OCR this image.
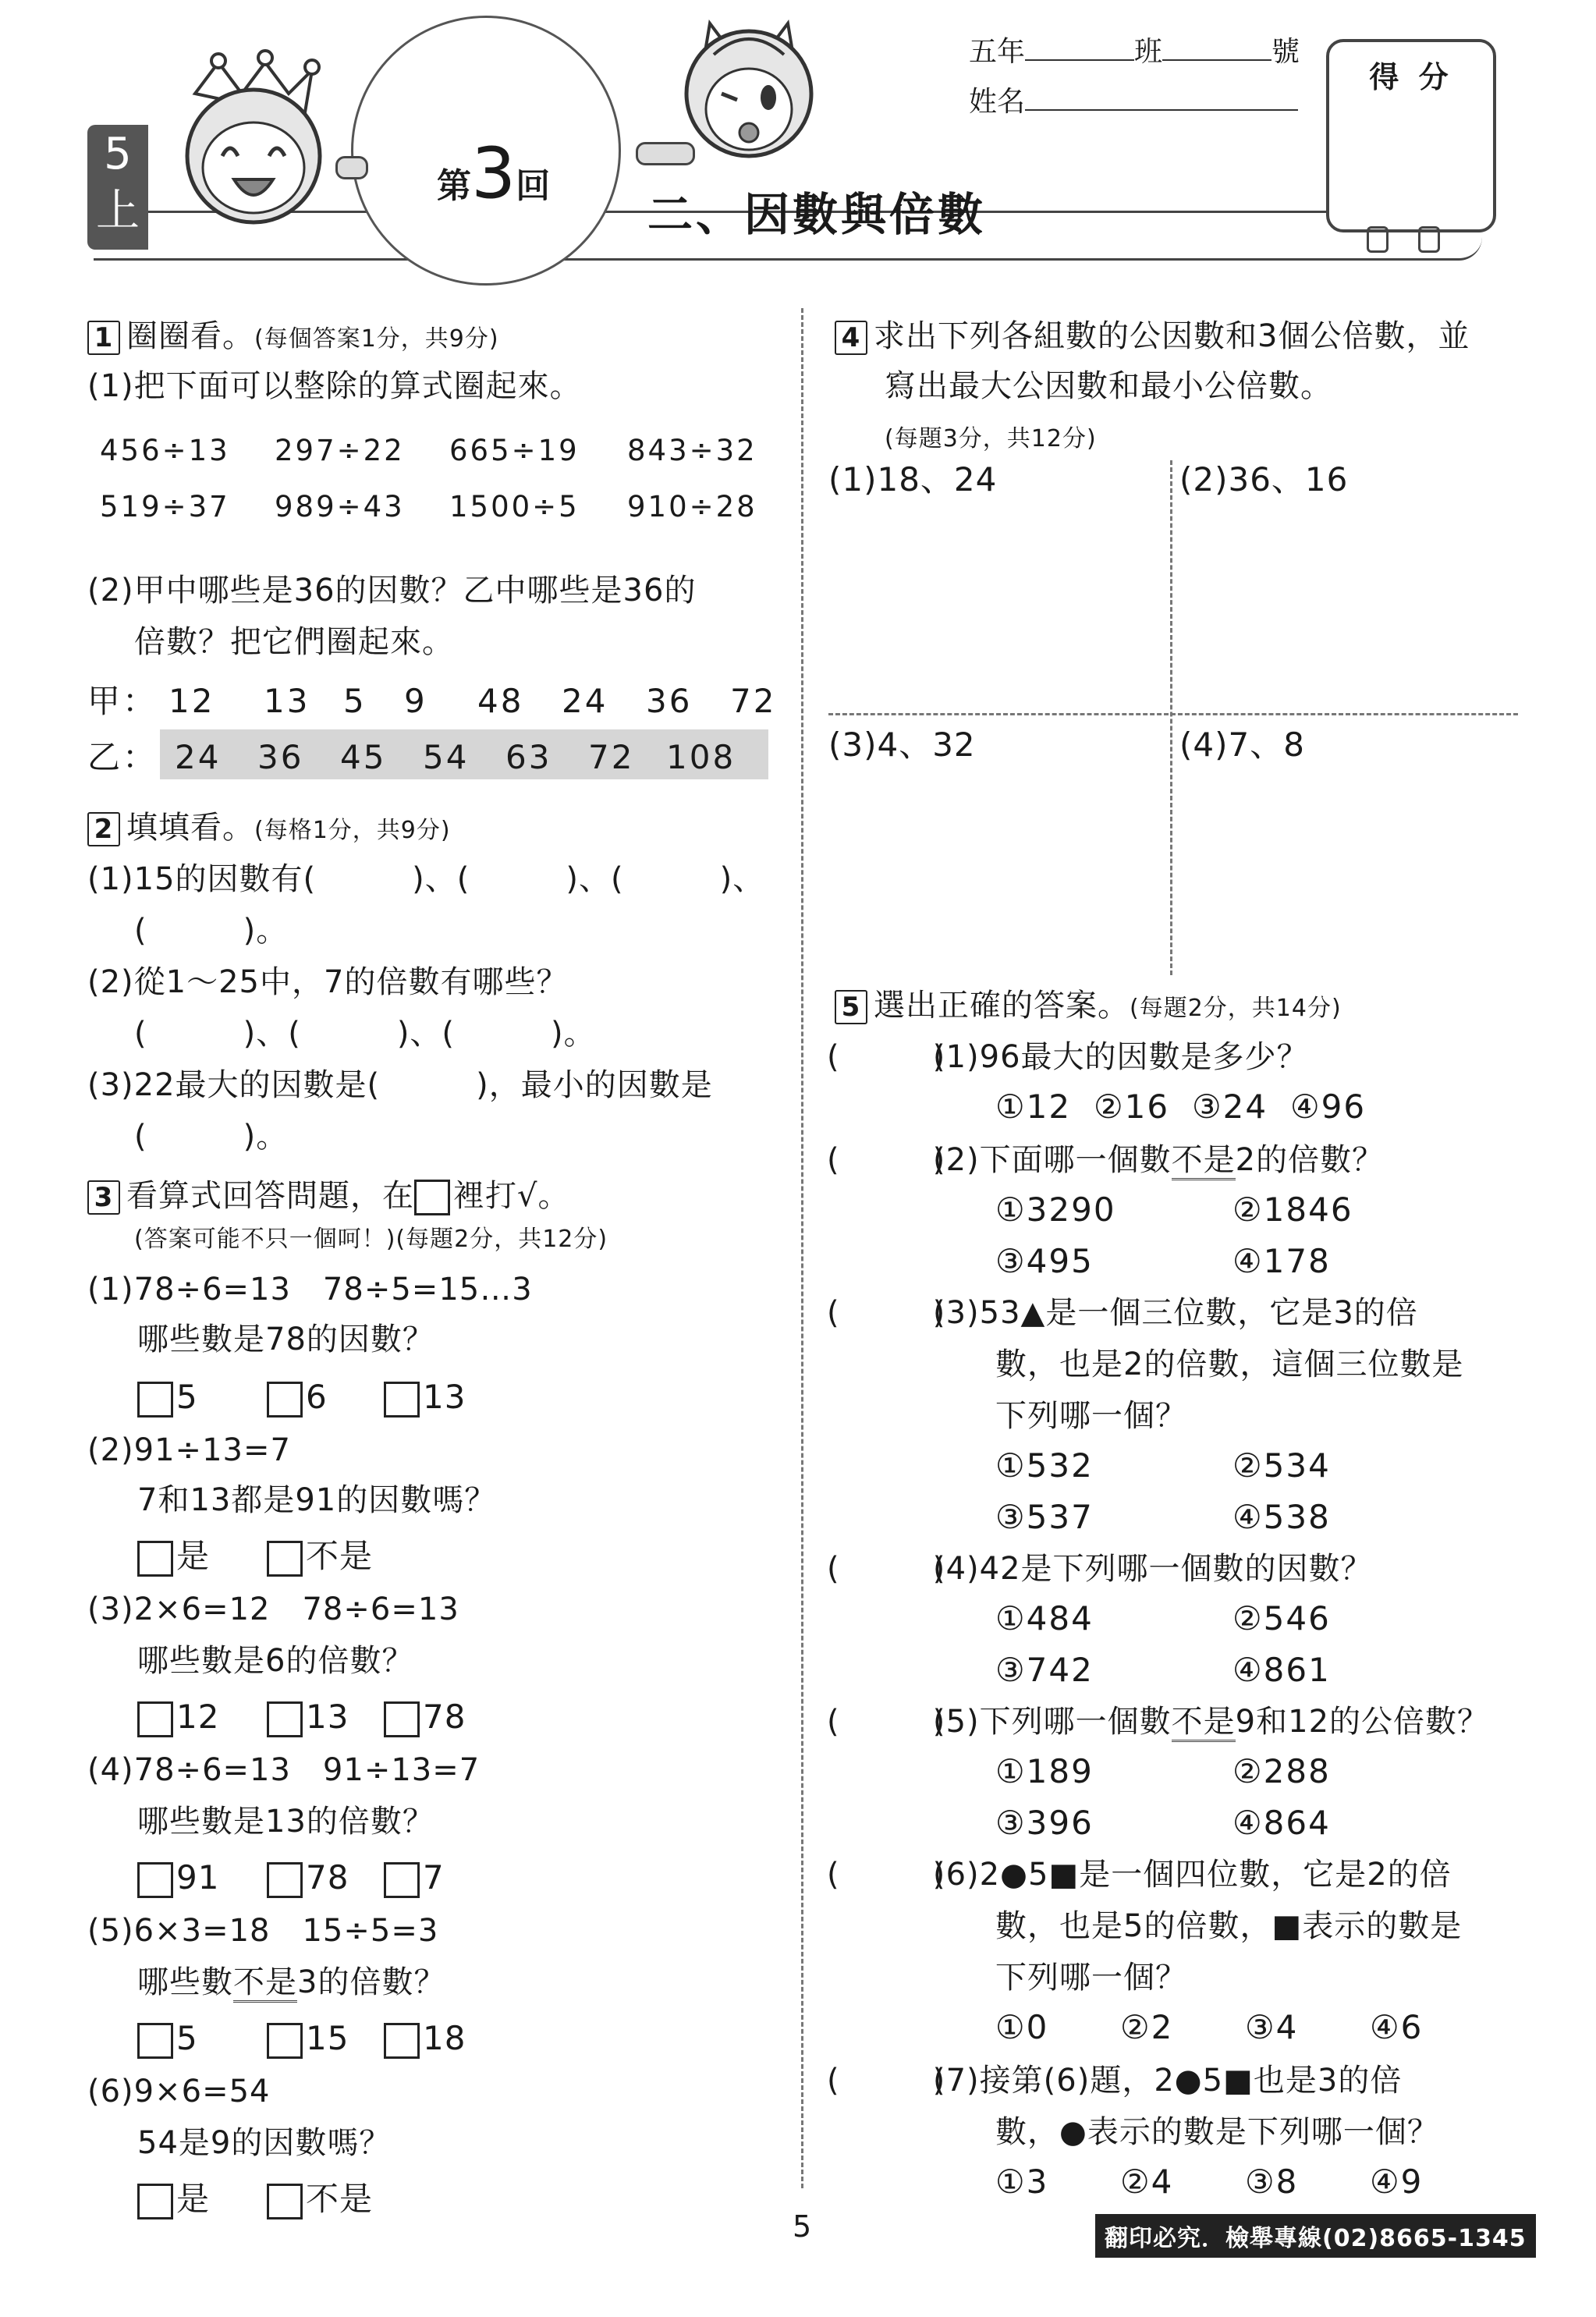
5
上	第3回
二、因數與倍數
五年	班	號
姓名
得 分
1 圈圈看。(每個答案1分，共9分)
(1)把下面可以整除的算式圈起來。
456÷13 297÷22 665÷19 843÷32
519÷37 989÷43 1500÷5 910÷28
(2)甲中哪些是36的因數？乙中哪些是36的
倍數？把它們圈起來。
甲： 12 13 5 9 48 24 36 72
乙： 24 36 45 54 63 72 108
2 填填看。(每格1分，共9分)
(1)15的因數有(　　　)、(　　　)、(　　　)、
(　　　)。
(2)從1～25中，7的倍數有哪些？
(　　　)、(　　　)、(　　　)。
(3)22最大的因數是(　　　)，最小的因數是
(　　　)。
3 看算式回答問題，在 裡打√。
(答案可能不只一個呵！)(每題2分，共12分)
(1)78÷6=13　78÷5=15…3
哪些數是78的因數？
5	6	13
(2)91÷13=7
7和13都是91的因數嗎？
是	不是
(3)2×6=12　78÷6=13
哪些數是6的倍數？
12	13 78
(4)78÷6=13　91÷13=7
哪些數是13的倍數？
91	78 7
(5)6×3=18　15÷5=3
哪些數不是3的倍數？
5	15 18
(6)9×6=54
54是9的因數嗎？
是	不是
4 求出下列各組數的公因數和3個公倍數，並
寫出最大公因數和最小公倍數。
(每題3分，共12分)
(1)18、24	(2)36、16
(3)4、32	(4)7、8
5 選出正確的答案。(每題2分，共14分)
(　　　)
(1)96最大的因數是多少？
①12 ②16 ③24 ④96
(　　　)
(2)下面哪一個數不是2的倍數？
①3290	②1846
③495	④178
(　　　)
(3)53▲是一個三位數，它是3的倍
數，也是2的倍數，這個三位數是
下列哪一個？
①532	②534
③537	④538
(　　　)
(4)42是下列哪一個數的因數？
①484	②546
③742	④861
(　　　)
(5)下列哪一個數不是9和12的公倍數？
①189	②288
③396	④864
(　　　)
(6)2●5■是一個四位數，它是2的倍
數，也是5的倍數，■表示的數是
下列哪一個？
①0 ②2 ③4 ④6
(　　　)
(7)接第(6)題，2●5■也是3的倍
數，●表示的數是下列哪一個？
①3 ②4 ③8 ④9
5	翻印必究．檢舉專線(02)8665-1345
